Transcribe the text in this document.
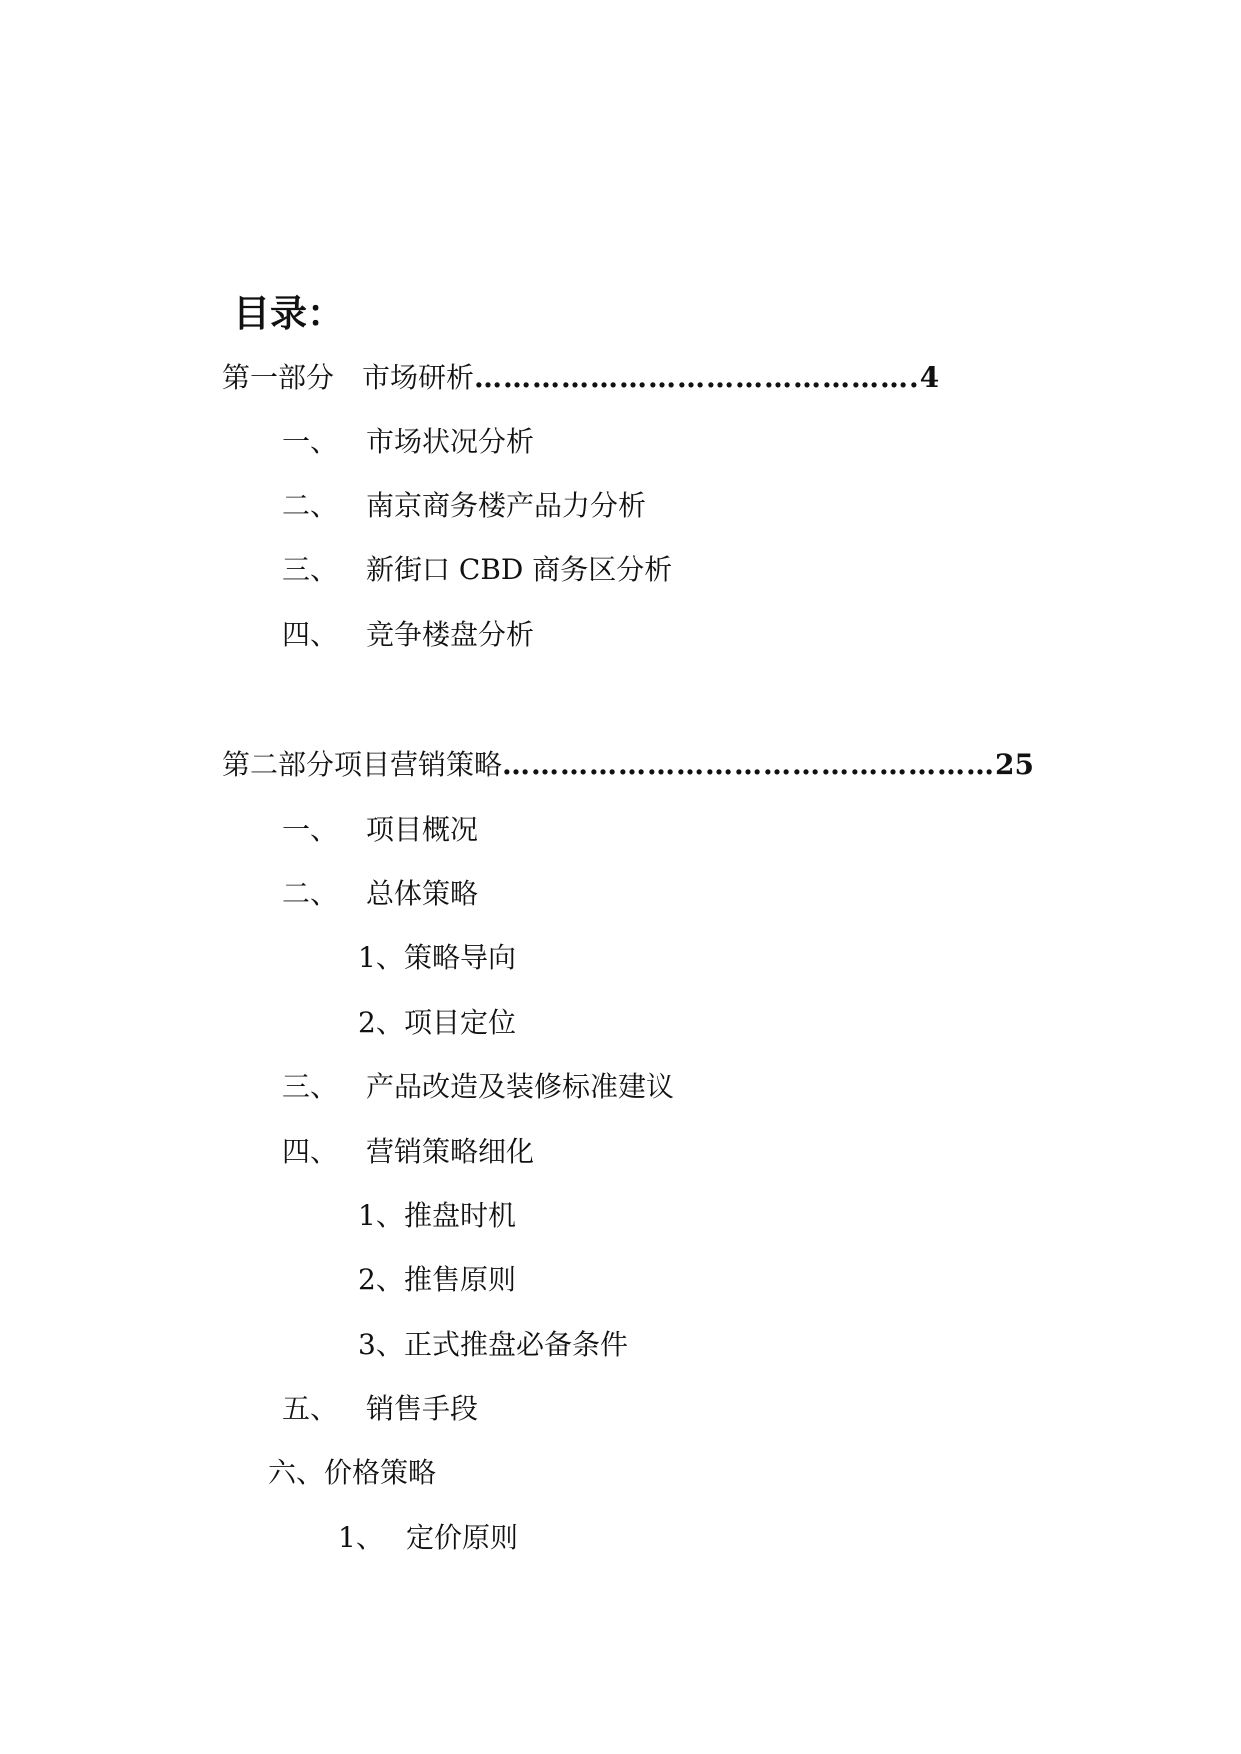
目录：
第一部分　市场研析……………………………………….4
一、 市场状况分析
二、 南京商务楼产品力分析
三、 新街口 CBD 商务区分析
四、 竞争楼盘分析
第二部分项目营销策略……………………………………………25
一、 项目概况
二、 总体策略
1、策略导向
2、项目定位
三、 产品改造及装修标准建议
四、 营销策略细化
1、推盘时机
2、推售原则
3、正式推盘必备条件
五、 销售手段
六、价格策略
1、 定价原则
